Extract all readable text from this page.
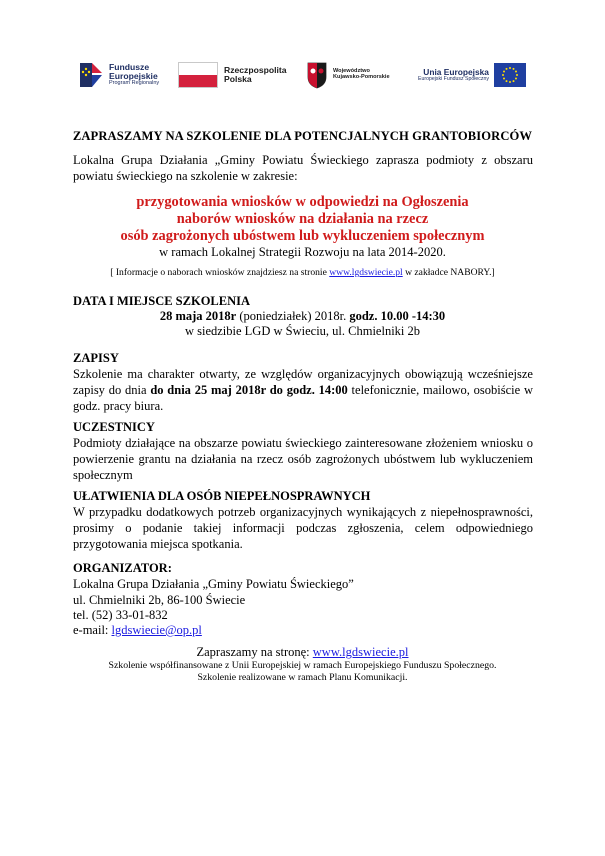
Fundusze
Europejskie
Program Regionalny
Rzeczpospolita
Polska
Województwo
Kujawsko-Pomorskie
Unia Europejska
Europejski Fundusz Społeczny
ZAPRASZAMY NA SZKOLENIE DLA POTENCJALNYCH GRANTOBIORCÓW
Lokalna Grupa Działania „Gminy Powiatu Świeckiego zaprasza podmioty z obszaru powiatu świeckiego na szkolenie w zakresie:
przygotowania wniosków w odpowiedzi na Ogłoszenia
naborów wniosków na działania na rzecz
osób zagrożonych ubóstwem lub wykluczeniem społecznym
w ramach Lokalnej Strategii Rozwoju na lata 2014-2020.
[ Informacje o naborach wniosków znajdziesz na stronie www.lgdswiecie.pl w zakładce NABORY.]
DATA I MIEJSCE SZKOLENIA
28 maja 2018r (poniedziałek) 2018r. godz. 10.00 -14:30
w siedzibie LGD w Świeciu, ul. Chmielniki 2b
ZAPISY
Szkolenie ma charakter otwarty, ze względów organizacyjnych obowiązują wcześniejsze zapisy do dnia do dnia 25 maj 2018r do godz. 14:00 telefonicznie, mailowo, osobiście w godz. pracy biura.
UCZESTNICY
Podmioty działające na obszarze powiatu świeckiego zainteresowane złożeniem wniosku o powierzenie grantu na działania na rzecz osób zagrożonych ubóstwem lub wykluczeniem społecznym
UŁATWIENIA DLA OSÓB NIEPEŁNOSPRAWNYCH
W przypadku dodatkowych potrzeb organizacyjnych wynikających z niepełnosprawności, prosimy o podanie takiej informacji podczas zgłoszenia, celem odpowiedniego przygotowania miejsca spotkania.
ORGANIZATOR:
Lokalna Grupa Działania „Gminy Powiatu Świeckiego”
ul. Chmielniki 2b, 86-100 Świecie
tel. (52) 33-01-832
e-mail: lgdswiecie@op.pl
Zapraszamy na stronę: www.lgdswiecie.pl
Szkolenie współfinansowane z Unii Europejskiej w ramach Europejskiego Funduszu Społecznego.
Szkolenie realizowane w ramach Planu Komunikacji.
